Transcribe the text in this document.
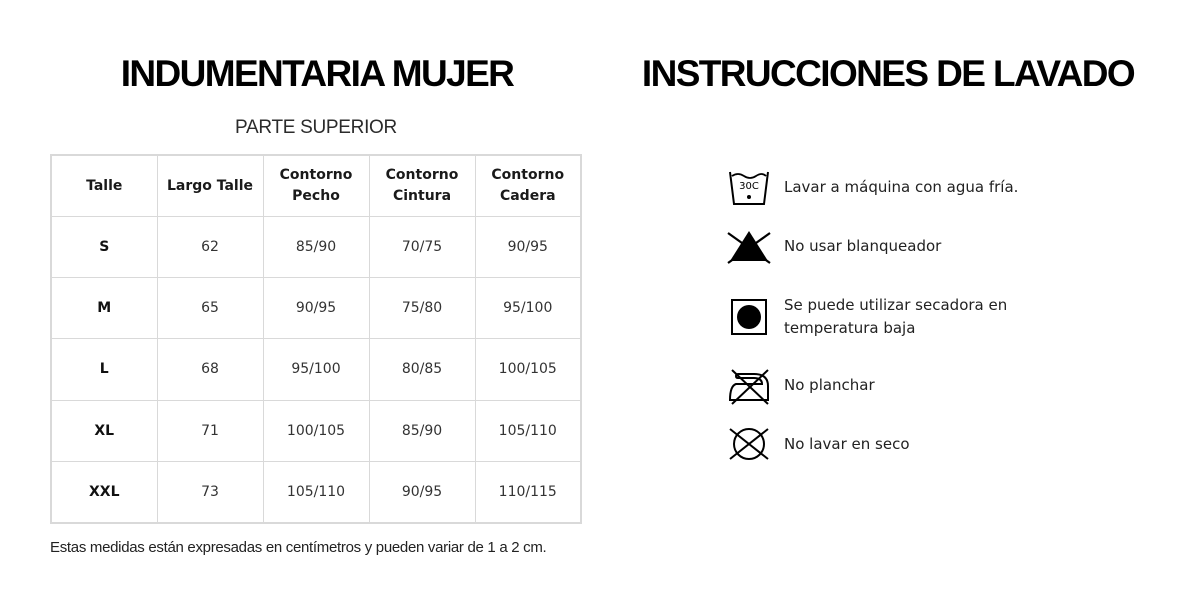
INDUMENTARIA MUJER	INSTRUCCIONES DE LAVADO
PARTE SUPERIOR
Talle	Largo Talle	Contorno Pecho	Contorno Cintura	Contorno Cadera
S	62	85/90	70/75	90/95
M	65	90/95	75/80	95/100
L	68	95/100	80/85	100/105
XL	71	100/105	85/90	105/110
XXL	73	105/110	90/95	110/115
Estas medidas están expresadas en centímetros y pueden variar de 1 a 2 cm.
30C Lavar a máquina con agua fría.
No usar blanqueador
Se puede utilizar secadora en temperatura baja
No planchar
No lavar en seco
